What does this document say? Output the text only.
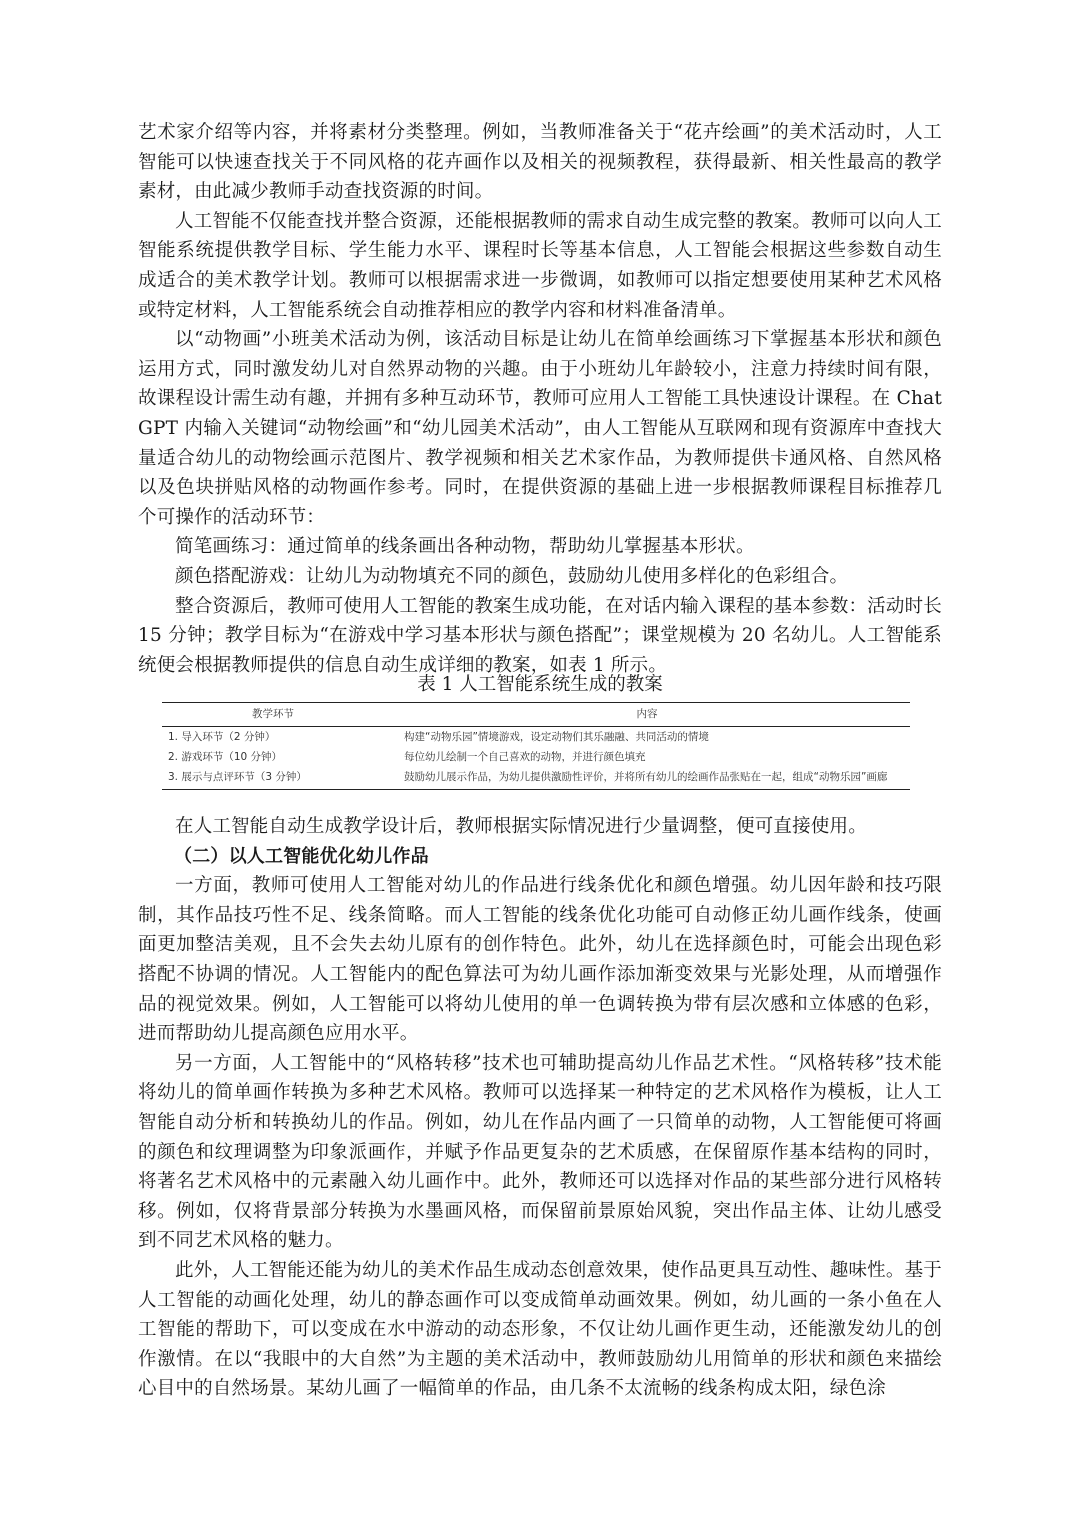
艺术家介绍等内容，并将素材分类整理。例如，当教师准备关于“花卉绘画”的美术活动时，人工智能可以快速查找关于不同风格的花卉画作以及相关的视频教程，获得最新、相关性最高的教学素材，由此减少教师手动查找资源的时间。

人工智能不仅能查找并整合资源，还能根据教师的需求自动生成完整的教案。教师可以向人工智能系统提供教学目标、学生能力水平、课程时长等基本信息，人工智能会根据这些参数自动生成适合的美术教学计划。教师可以根据需求进一步微调，如教师可以指定想要使用某种艺术风格或特定材料，人工智能系统会自动推荐相应的教学内容和材料准备清单。

以“动物画”小班美术活动为例，该活动目标是让幼儿在简单绘画练习下掌握基本形状和颜色运用方式，同时激发幼儿对自然界动物的兴趣。由于小班幼儿年龄较小，注意力持续时间有限，故课程设计需生动有趣，并拥有多种互动环节，教师可应用人工智能工具快速设计课程。在 Chat GPT 内输入关键词“动物绘画”和“幼儿园美术活动”，由人工智能从互联网和现有资源库中查找大量适合幼儿的动物绘画示范图片、教学视频和相关艺术家作品，为教师提供卡通风格、自然风格以及色块拼贴风格的动物画作参考。同时，在提供资源的基础上进一步根据教师课程目标推荐几个可操作的活动环节：

简笔画练习：通过简单的线条画出各种动物，帮助幼儿掌握基本形状。

颜色搭配游戏：让幼儿为动物填充不同的颜色，鼓励幼儿使用多样化的色彩组合。

整合资源后，教师可使用人工智能的教案生成功能，在对话内输入课程的基本参数：活动时长 15 分钟；教学目标为“在游戏中学习基本形状与颜色搭配”；课堂规模为 20 名幼儿。人工智能系统便会根据教师提供的信息自动生成详细的教案，如表 1 所示。

表 1 人工智能系统生成的教案
教学环节	内容
1. 导入环节（2 分钟）	构建“动物乐园”情境游戏，设定动物们其乐融融、共同活动的情境
2. 游戏环节（10 分钟）	每位幼儿绘制一个自己喜欢的动物，并进行颜色填充
3. 展示与点评环节（3 分钟）	鼓励幼儿展示作品，为幼儿提供激励性评价，并将所有幼儿的绘画作品张贴在一起，组成“动物乐园”画廊

在人工智能自动生成教学设计后，教师根据实际情况进行少量调整，便可直接使用。

（二）以人工智能优化幼儿作品

一方面，教师可使用人工智能对幼儿的作品进行线条优化和颜色增强。幼儿因年龄和技巧限制，其作品技巧性不足、线条简略。而人工智能的线条优化功能可自动修正幼儿画作线条，使画面更加整洁美观，且不会失去幼儿原有的创作特色。此外，幼儿在选择颜色时，可能会出现色彩搭配不协调的情况。人工智能内的配色算法可为幼儿画作添加渐变效果与光影处理，从而增强作品的视觉效果。例如，人工智能可以将幼儿使用的单一色调转换为带有层次感和立体感的色彩，进而帮助幼儿提高颜色应用水平。

另一方面，人工智能中的“风格转移”技术也可辅助提高幼儿作品艺术性。“风格转移”技术能将幼儿的简单画作转换为多种艺术风格。教师可以选择某一种特定的艺术风格作为模板，让人工智能自动分析和转换幼儿的作品。例如，幼儿在作品内画了一只简单的动物，人工智能便可将画的颜色和纹理调整为印象派画作，并赋予作品更复杂的艺术质感，在保留原作基本结构的同时，将著名艺术风格中的元素融入幼儿画作中。此外，教师还可以选择对作品的某些部分进行风格转移。例如，仅将背景部分转换为水墨画风格，而保留前景原始风貌，突出作品主体、让幼儿感受到不同艺术风格的魅力。

此外，人工智能还能为幼儿的美术作品生成动态创意效果，使作品更具互动性、趣味性。基于人工智能的动画化处理，幼儿的静态画作可以变成简单动画效果。例如，幼儿画的一条小鱼在人工智能的帮助下，可以变成在水中游动的动态形象，不仅让幼儿画作更生动，还能激发幼儿的创作激情。在以“我眼中的大自然”为主题的美术活动中，教师鼓励幼儿用简单的形状和颜色来描绘心目中的自然场景。某幼儿画了一幅简单的作品，由几条不太流畅的线条构成太阳，绿色涂
